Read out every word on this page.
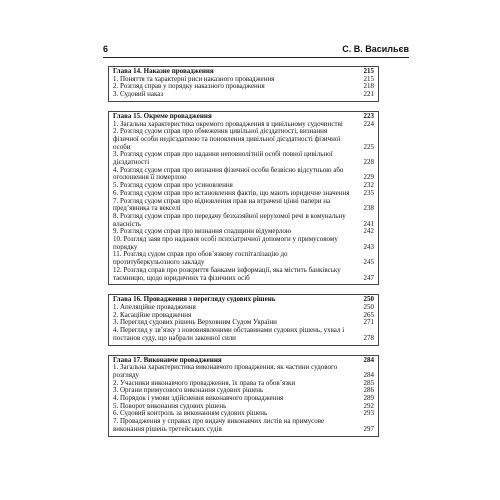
6	С. В. Васильєв
Глава 14. Наказне провадження	215
1. Поняття та характерні риси наказного провадження	215
2. Розгляд справ у порядку наказного провадження	218
3. Судовий наказ	221
Глава 15. Окреме провадження	223
1. Загальна характеристика окремого провадження в цивільному судочинстві	224
2. Розгляд судом справ про обмеження цивільної дієздатності, визнання фізичної особи недієздатною та поновлення цивільної дієздатності фізичної особи	225
3. Розгляд судом справ про надання неповнолітній особі повної цивільної дієздатності	228
4. Розгляд судом справ про визнання фізичної особи безвісно відсутньою або оголошення її померлою	229
5. Розгляд судом справ про усиновлення	232
6. Розгляд судом справ про встановлення фактів, що мають юридичне значення	235
7. Розгляд судом справ про відновлення прав на втрачені цінні папери на пред’явника та векселі	238
8. Розгляд судом справ про передачу безхазяйної нерухомої речі в комунальну власність	241
9. Розгляд судом справ про визнання спадщини відумерлою	242
10. Розгляд заяв про надання особі психіатричної допомоги у примусовому порядку	243
11. Розгляд судом справ про обов’язкову госпіталізацію до протитуберкульозного закладу	245
12. Розгляд справ про розкриття банками інформації, яка містить банківську таємницю, щодо юридичних та фізичних осіб	247
Глава 16. Провадження з перегляду судових рішень	250
1. Апеляційне провадження	250
2. Касаційне провадження	265
3. Перегляд судових рішень Верховним Судом України	271
4. Перегляд у зв’язку з нововиявленими обставинами судових рішень, ухвал і постанов суду, що набрали законної сили	278
Глава 17. Виконавче провадження	284
1. Загальна характеристика виконавчого провадження, як частини судового розгляду	284
2. Учасники виконавчого провадження, їх права та обов’язки	285
3. Органи примусового виконання судових рішень	286
4. Порядок і умови здійснення виконавчого провадження	289
5. Поворот виконання судових рішень	292
6. Судовий контроль за виконанням судових рішень	293
7. Провадження у справах про видачу виконавчих листів на примусове виконання рішень третейських судів	297
